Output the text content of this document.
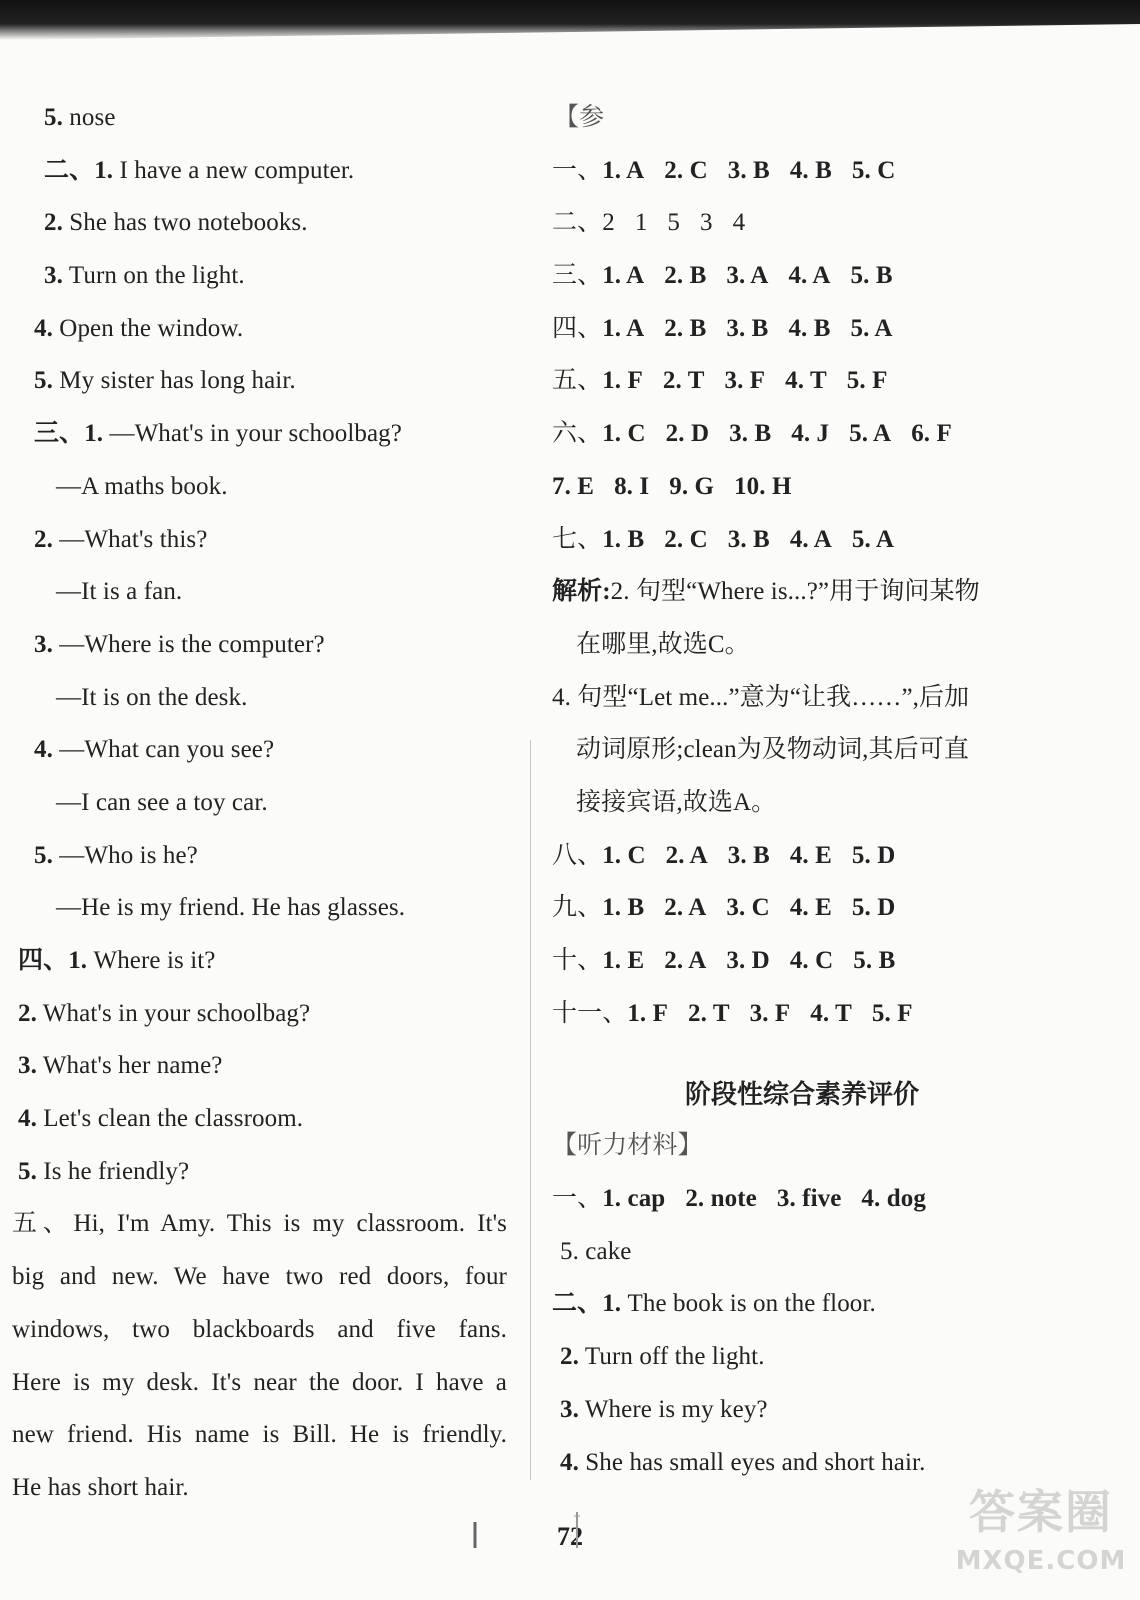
5. nose
二、1. I have a new computer.
2. She has two notebooks.
3. Turn on the light.
4. Open the window.
5. My sister has long hair.
三、1. —What's in your schoolbag?
—A maths book.
2. —What's this?
—It is a fan.
3. —Where is the computer?
—It is on the desk.
4. —What can you see?
—I can see a toy car.
5. —Who is he?
—He is my friend. He has glasses.
四、1. Where is it?
2. What's in your schoolbag?
3. What's her name?
4. Let's clean the classroom.
5. Is he friendly?
五、Hi, I'm Amy. This is my classroom. It's
big and new. We have two red doors, four
windows, two blackboards and five fans.
Here is my desk. It's near the door. I have a
new friend. His name is Bill. He is friendly.
He has short hair.
【参
一、1. A 2. C 3. B 4. B 5. C
二、2 1 5 3 4
三、1. A 2. B 3. A 4. A 5. B
四、1. A 2. B 3. B 4. B 5. A
五、1. F 2. T 3. F 4. T 5. F
六、1. C 2. D 3. B 4. J 5. A 6. F
7. E 8. I 9. G 10. H
七、1. B 2. C 3. B 4. A 5. A
解析:2. 句型“Where is...?”用于询问某物
在哪里,故选C。
4. 句型“Let me...”意为“让我……”,后加
动词原形;clean为及物动词,其后可直
接接宾语,故选A。
八、1. C 2. A 3. B 4. E 5. D
九、1. B 2. A 3. C 4. E 5. D
十、1. E 2. A 3. D 4. C 5. B
十一、1. F 2. T 3. F 4. T 5. F
阶段性综合素养评价
【听力材料】
一、1. cap 2. note 3. five 4. dog
5. cake
二、1. The book is on the floor.
2. Turn off the light.
3. Where is my key?
4. She has small eyes and short hair.
72	答案圈
MXQE.COM
